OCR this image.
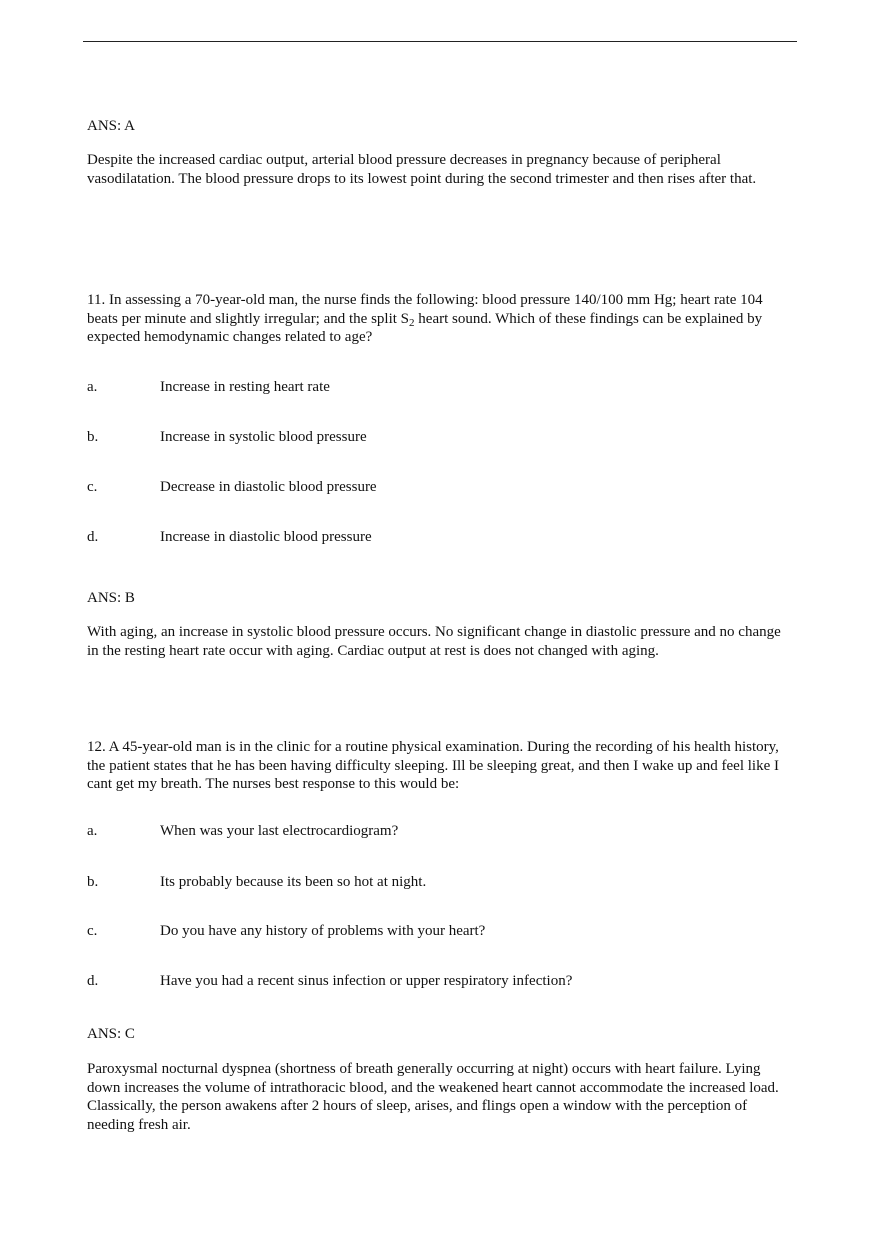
ANS: A

Despite the increased cardiac output, arterial blood pressure decreases in pregnancy because of peripheral vasodilatation. The blood pressure drops to its lowest point during the second trimester and then rises after that.

11. In assessing a 70-year-old man, the nurse finds the following: blood pressure 140/100 mm Hg; heart rate 104 beats per minute and slightly irregular; and the split $S_2$ heart sound. Which of these findings can be explained by expected hemodynamic changes related to age?

a.	Increase in resting heart rate
b.	Increase in systolic blood pressure
c.	Decrease in diastolic blood pressure
d.	Increase in diastolic blood pressure

ANS: B

With aging, an increase in systolic blood pressure occurs. No significant change in diastolic pressure and no change in the resting heart rate occur with aging. Cardiac output at rest is does not changed with aging.

12. A 45-year-old man is in the clinic for a routine physical examination. During the recording of his health history, the patient states that he has been having difficulty sleeping. Ill be sleeping great, and then I wake up and feel like I cant get my breath. The nurses best response to this would be:

a.	When was your last electrocardiogram?
b.	Its probably because its been so hot at night.
c.	Do you have any history of problems with your heart?
d.	Have you had a recent sinus infection or upper respiratory infection?

ANS: C

Paroxysmal nocturnal dyspnea (shortness of breath generally occurring at night) occurs with heart failure. Lying down increases the volume of intrathoracic blood, and the weakened heart cannot accommodate the increased load. Classically, the person awakens after 2 hours of sleep, arises, and flings open a window with the perception of needing fresh air.
